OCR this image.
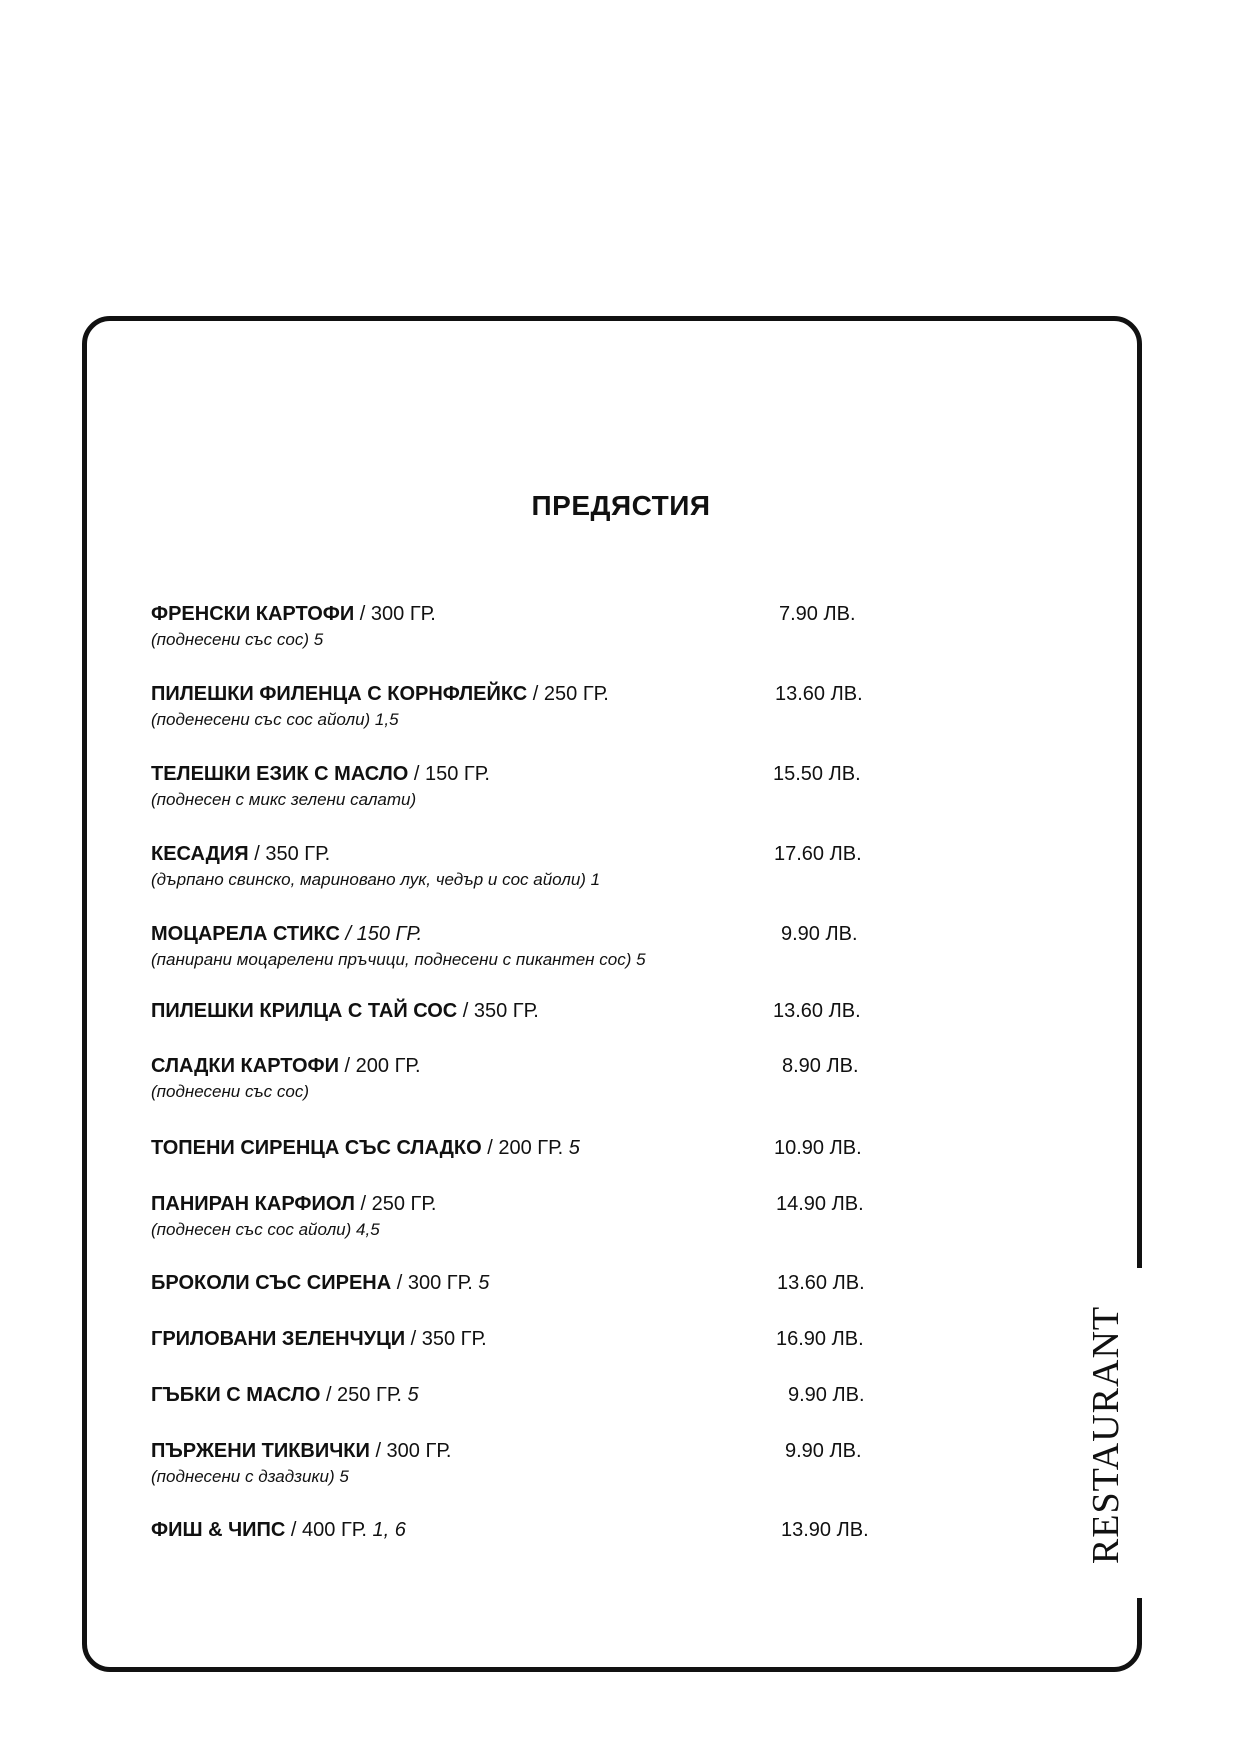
RESTAURANT
ПРЕДЯСТИЯ
ФРЕНСКИ КАРТОФИ / 300 ГР.	7.90 ЛВ.
(поднесени със сос) 5
ПИЛЕШКИ ФИЛЕНЦА С КОРНФЛЕЙКС / 250 ГР.	13.60 ЛВ.
(поденесени със сос айоли) 1,5
ТЕЛЕШКИ ЕЗИК С МАСЛО / 150 ГР.	15.50 ЛВ.
(поднесен с микс зелени салати)
КЕСАДИЯ / 350 ГР.	17.60 ЛВ.
(дърпано свинско, мариновано лук, чедър и сос айоли) 1
МОЦАРЕЛА СТИКС / 150 ГР.	9.90 ЛВ.
(панирани моцарелени пръчици, поднесени с пикантен сос) 5
ПИЛЕШКИ КРИЛЦА С ТАЙ СОС / 350 ГР.	13.60 ЛВ.
СЛАДКИ КАРТОФИ / 200 ГР.	8.90 ЛВ.
(поднесени със сос)
ТОПЕНИ СИРЕНЦА СЪС СЛАДКО / 200 ГР. 5	10.90 ЛВ.
ПАНИРАН КАРФИОЛ / 250 ГР.	14.90 ЛВ.
(поднесен със сос айоли) 4,5
БРОКОЛИ СЪС СИРЕНА / 300 ГР. 5	13.60 ЛВ.
ГРИЛОВАНИ ЗЕЛЕНЧУЦИ / 350 ГР.	16.90 ЛВ.
ГЪБКИ С МАСЛО / 250 ГР. 5	9.90 ЛВ.
ПЪРЖЕНИ ТИКВИЧКИ / 300 ГР.	9.90 ЛВ.
(поднесени с дзадзики) 5
ФИШ & ЧИПС / 400 ГР. 1, 6	13.90 ЛВ.
